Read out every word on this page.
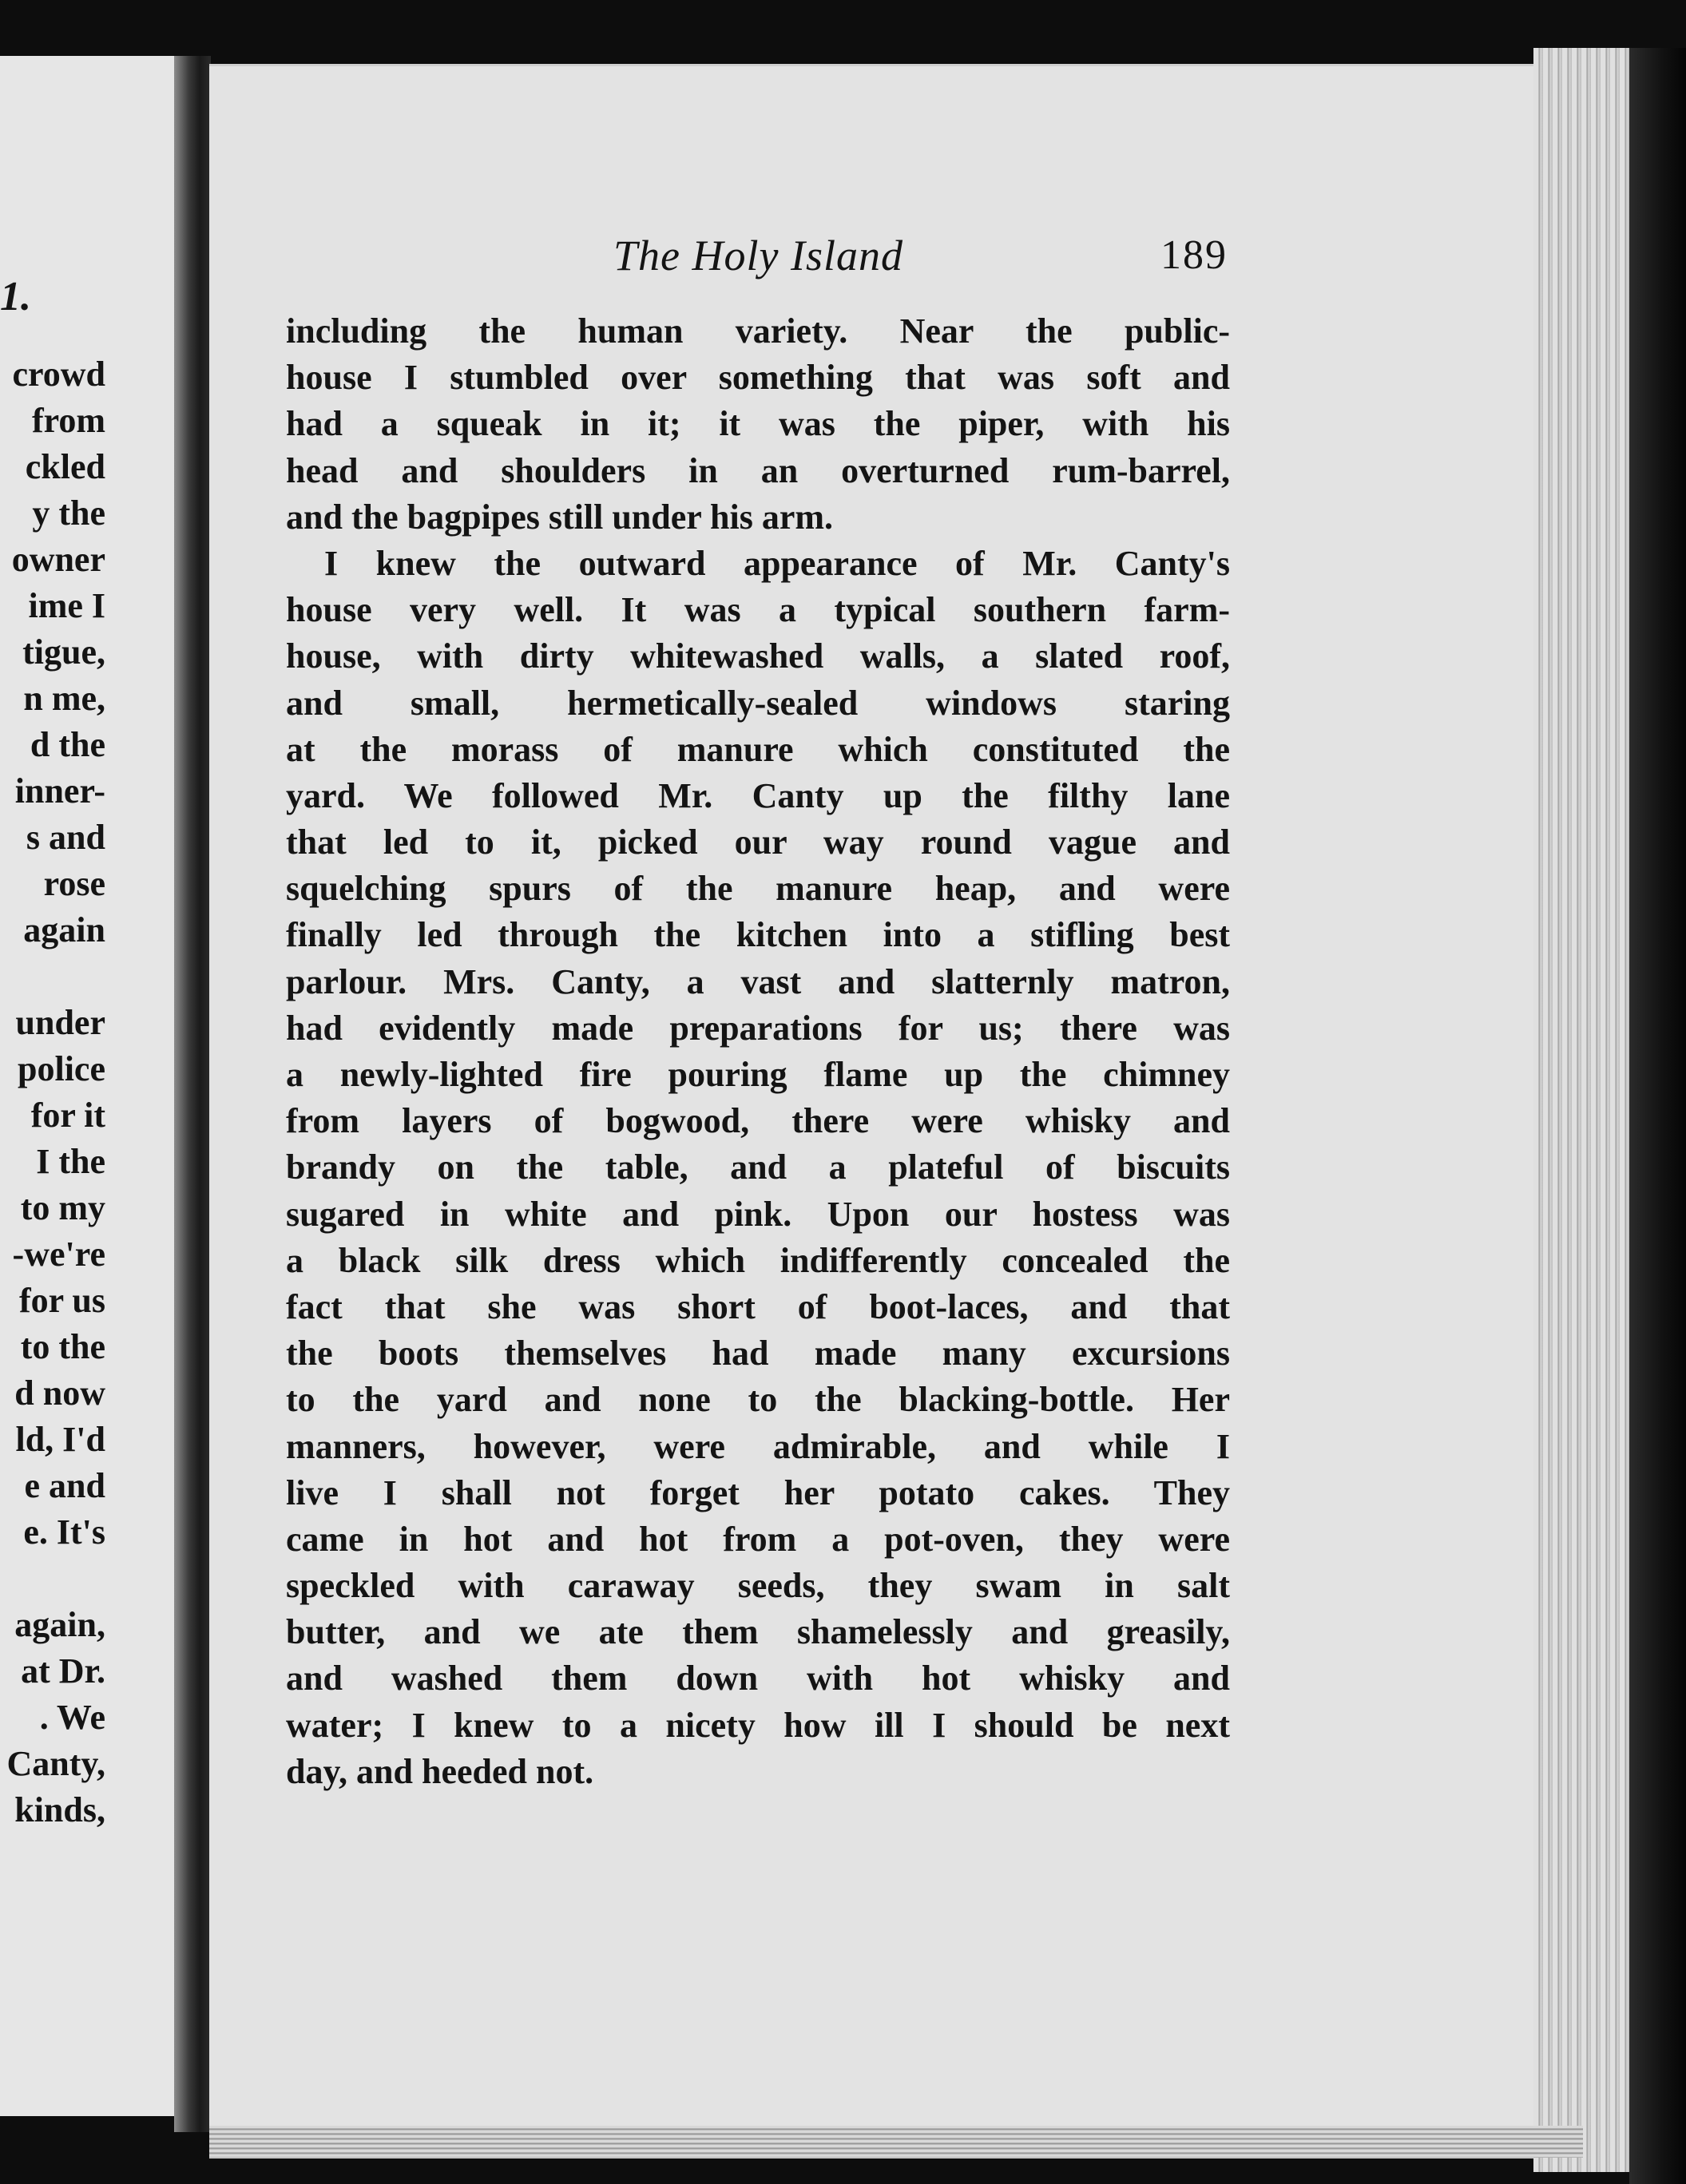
1.
crowd
from
ckled
y the
owner
ime I
tigue,
n me,
d the
inner-
s and
rose
again
under
police
for it
I the
to my
-we're
for us
to the
d now
ld, I'd
e and
e. It's
again,
at Dr.
. We
Canty,
kinds,
The Holy Island	189
including the human variety. Near the public-
house I stumbled over something that was soft and
had a squeak in it; it was the piper, with his
head and shoulders in an overturned rum-barrel,
and the bagpipes still under his arm.
I knew the outward appearance of Mr. Canty's
house very well. It was a typical southern farm-
house, with dirty whitewashed walls, a slated roof,
and small, hermetically-sealed windows staring
at the morass of manure which constituted the
yard. We followed Mr. Canty up the filthy lane
that led to it, picked our way round vague and
squelching spurs of the manure heap, and were
finally led through the kitchen into a stifling best
parlour. Mrs. Canty, a vast and slatternly matron,
had evidently made preparations for us; there was
a newly-lighted fire pouring flame up the chimney
from layers of bogwood, there were whisky and
brandy on the table, and a plateful of biscuits
sugared in white and pink. Upon our hostess was
a black silk dress which indifferently concealed the
fact that she was short of boot-laces, and that
the boots themselves had made many excursions
to the yard and none to the blacking-bottle. Her
manners, however, were admirable, and while I
live I shall not forget her potato cakes. They
came in hot and hot from a pot-oven, they were
speckled with caraway seeds, they swam in salt
butter, and we ate them shamelessly and greasily,
and washed them down with hot whisky and
water; I knew to a nicety how ill I should be next
day, and heeded not.
